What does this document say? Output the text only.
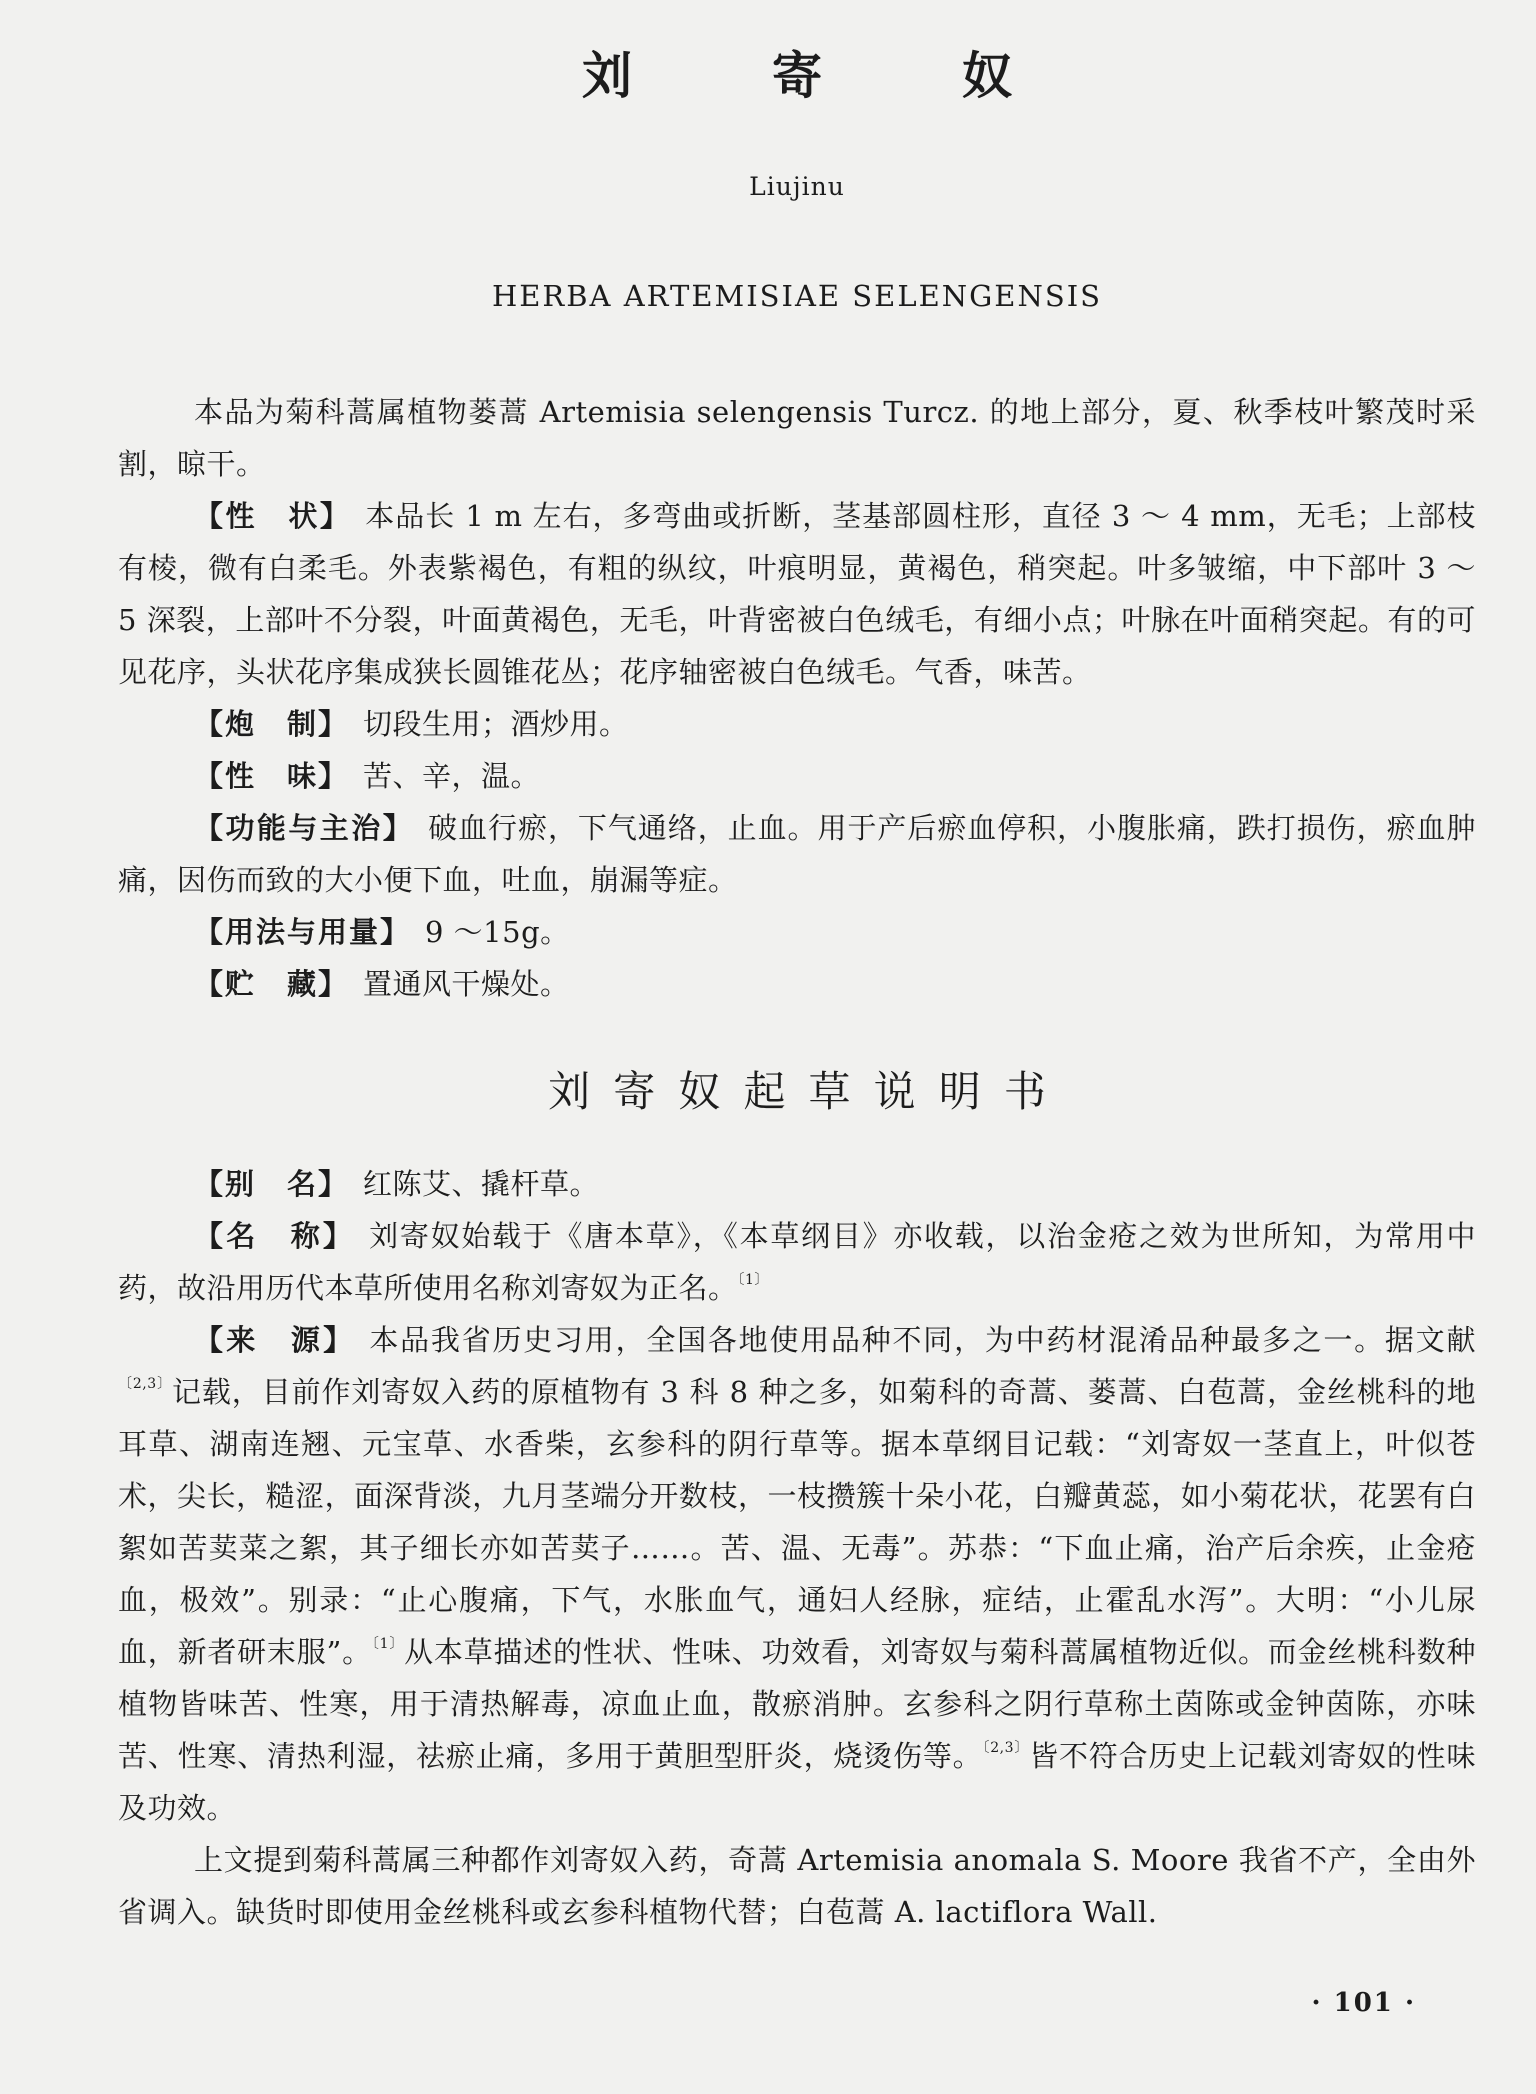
刘　寄　奴
Liujinu
HERBA ARTEMISIAE SELENGENSIS

本品为菊科蒿属植物蒌蒿 Artemisia selengensis Turcz. 的地上部分，夏、秋季枝叶繁茂时采割，晾干。

【性　状】 本品长 1 m 左右，多弯曲或折断，茎基部圆柱形，直径 3 ～ 4 mm，无毛；上部枝有棱，微有白柔毛。外表紫褐色，有粗的纵纹，叶痕明显，黄褐色，稍突起。叶多皱缩，中下部叶 3 ～ 5 深裂，上部叶不分裂，叶面黄褐色，无毛，叶背密被白色绒毛，有细小点；叶脉在叶面稍突起。有的可见花序，头状花序集成狭长圆锥花丛；花序轴密被白色绒毛。气香，味苦。

【炮　制】 切段生用；酒炒用。

【性　味】 苦、辛，温。

【功能与主治】 破血行瘀，下气通络，止血。用于产后瘀血停积，小腹胀痛，跌打损伤，瘀血肿痛，因伤而致的大小便下血，吐血，崩漏等症。

【用法与用量】 9 ～15g。

【贮　藏】 置通风干燥处。

刘寄奴起草说明书

【别　名】 红陈艾、撬杆草。

【名　称】 刘寄奴始载于《唐本草》，《本草纲目》亦收载，以治金疮之效为世所知，为常用中药，故沿用历代本草所使用名称刘寄奴为正名。$^{〔1〕}$

【来　源】 本品我省历史习用，全国各地使用品种不同，为中药材混淆品种最多之一。据文献$^{〔2,3〕}$记载，目前作刘寄奴入药的原植物有 3 科 8 种之多，如菊科的奇蒿、蒌蒿、白苞蒿，金丝桃科的地耳草、湖南连翘、元宝草、水香柴，玄参科的阴行草等。据本草纲目记载：“刘寄奴一茎直上，叶似苍术，尖长，糙涩，面深背淡，九月茎端分开数枝，一枝攒簇十朵小花，白瓣黄蕊，如小菊花状，花罢有白絮如苦荬菜之絮，其子细长亦如苦荬子……。苦、温、无毒”。苏恭：“下血止痛，治产后余疾，止金疮血，极效”。别录：“止心腹痛，下气，水胀血气，通妇人经脉，症结，止霍乱水泻”。大明：“小儿尿血，新者研末服”。$^{〔1〕}$从本草描述的性状、性味、功效看，刘寄奴与菊科蒿属植物近似。而金丝桃科数种植物皆味苦、性寒，用于清热解毒，凉血止血，散瘀消肿。玄参科之阴行草称土茵陈或金钟茵陈，亦味苦、性寒、清热利湿，祛瘀止痛，多用于黄胆型肝炎，烧烫伤等。$^{〔2,3〕}$皆不符合历史上记载刘寄奴的性味及功效。

上文提到菊科蒿属三种都作刘寄奴入药，奇蒿 Artemisia anomala S. Moore 我省不产，全由外省调入。缺货时即使用金丝桃科或玄参科植物代替；白苞蒿 A. lactiflora Wall.

· 101 ·
